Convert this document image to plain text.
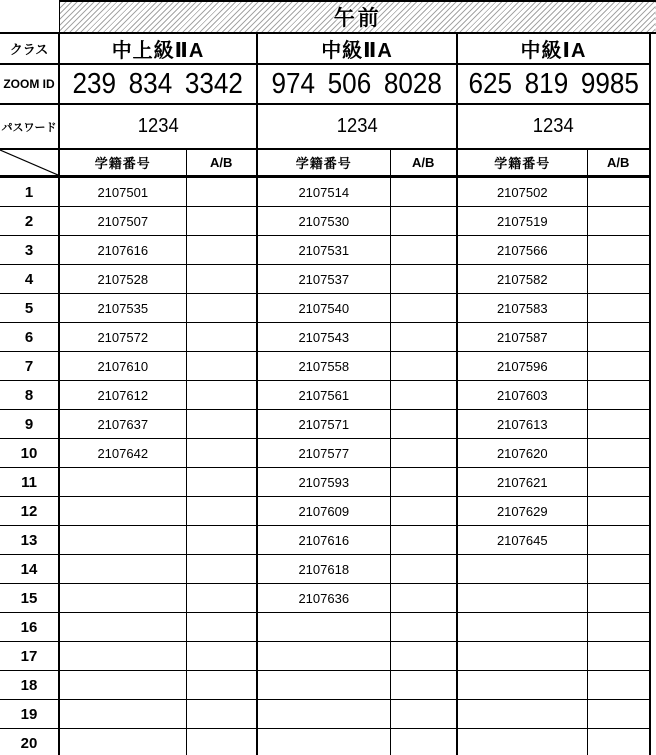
	午前						
クラス	中上級ⅡA		中級ⅡA		中級ⅠA		
ZOOM ID	239 834 3342		974 506 8028		625 819 9985		
パスワード	1234		1234		1234		

	学籍番号	A/B	学籍番号	A/B	学籍番号	A/B	
1	2107501		2107514		2107502		
2	2107507		2107530		2107519		
3	2107616		2107531		2107566		
4	2107528		2107537		2107582		
5	2107535		2107540		2107583		
6	2107572		2107543		2107587		
7	2107610		2107558		2107596		
8	2107612		2107561		2107603		
9	2107637		2107571		2107613		
10	2107642		2107577		2107620		
11			2107593		2107621		
12			2107609		2107629		
13			2107616		2107645		
14			2107618				
15			2107636				
16							
17							
18							
19							
20							
